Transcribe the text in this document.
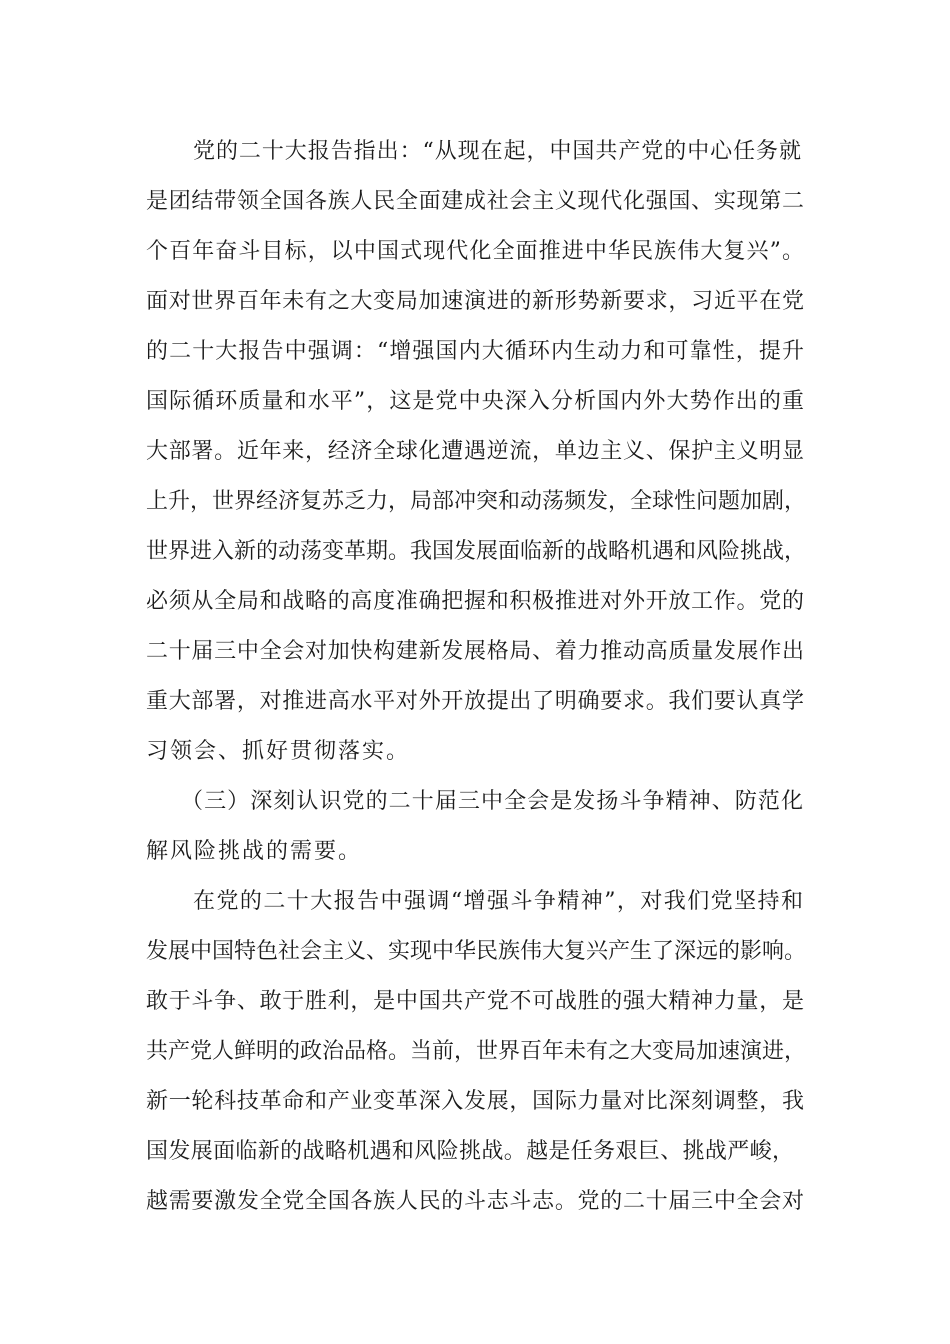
党的二十大报告指出：“从现在起，中国共产党的中心任务就
是团结带领全国各族人民全面建成社会主义现代化强国、实现第二
个百年奋斗目标，以中国式现代化全面推进中华民族伟大复兴”。
面对世界百年未有之大变局加速演进的新形势新要求，习近平在党
的二十大报告中强调：“增强国内大循环内生动力和可靠性，提升
国际循环质量和水平”，这是党中央深入分析国内外大势作出的重
大部署。近年来，经济全球化遭遇逆流，单边主义、保护主义明显
上升，世界经济复苏乏力，局部冲突和动荡频发，全球性问题加剧，
世界进入新的动荡变革期。我国发展面临新的战略机遇和风险挑战，
必须从全局和战略的高度准确把握和积极推进对外开放工作。党的
二十届三中全会对加快构建新发展格局、着力推动高质量发展作出
重大部署，对推进高水平对外开放提出了明确要求。我们要认真学
习领会、抓好贯彻落实。
（三）深刻认识党的二十届三中全会是发扬斗争精神、防范化
解风险挑战的需要。
在党的二十大报告中强调“增强斗争精神”，对我们党坚持和
发展中国特色社会主义、实现中华民族伟大复兴产生了深远的影响。
敢于斗争、敢于胜利，是中国共产党不可战胜的强大精神力量，是
共产党人鲜明的政治品格。当前，世界百年未有之大变局加速演进，
新一轮科技革命和产业变革深入发展，国际力量对比深刻调整，我
国发展面临新的战略机遇和风险挑战。越是任务艰巨、挑战严峻，
越需要激发全党全国各族人民的斗志斗志。党的二十届三中全会对
